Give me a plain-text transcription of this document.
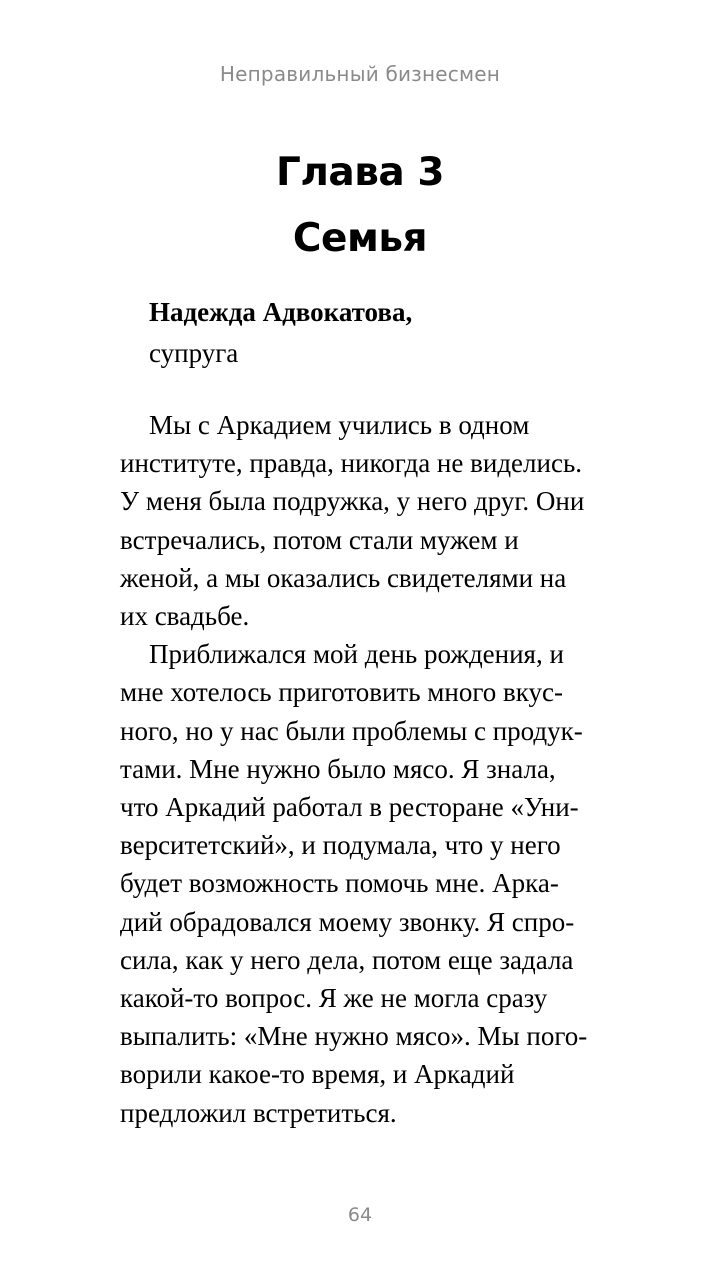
Неправильный бизнесмен
Глава 3
Семья
Надежда Адвокатова,
супруга
Мы с Аркадием учились в одном
институте, правда, никогда не виделись.
У меня была подружка, у него друг. Они
встречались, потом стали мужем и
женой, а мы оказались свидетелями на
их свадьбе.
Приближался мой день рождения, и
мне хотелось приготовить много вкус-
ного, но у нас были проблемы с продук-
тами. Мне нужно было мясо. Я знала,
что Аркадий работал в ресторане «Уни-
верситетский», и подумала, что у него
будет возможность помочь мне. Арка-
дий обрадовался моему звонку. Я спро-
сила, как у него дела, потом еще задала
какой-то вопрос. Я же не могла сразу
выпалить: «Мне нужно мясо». Мы пого-
ворили какое-то время, и Аркадий
предложил встретиться.
64
